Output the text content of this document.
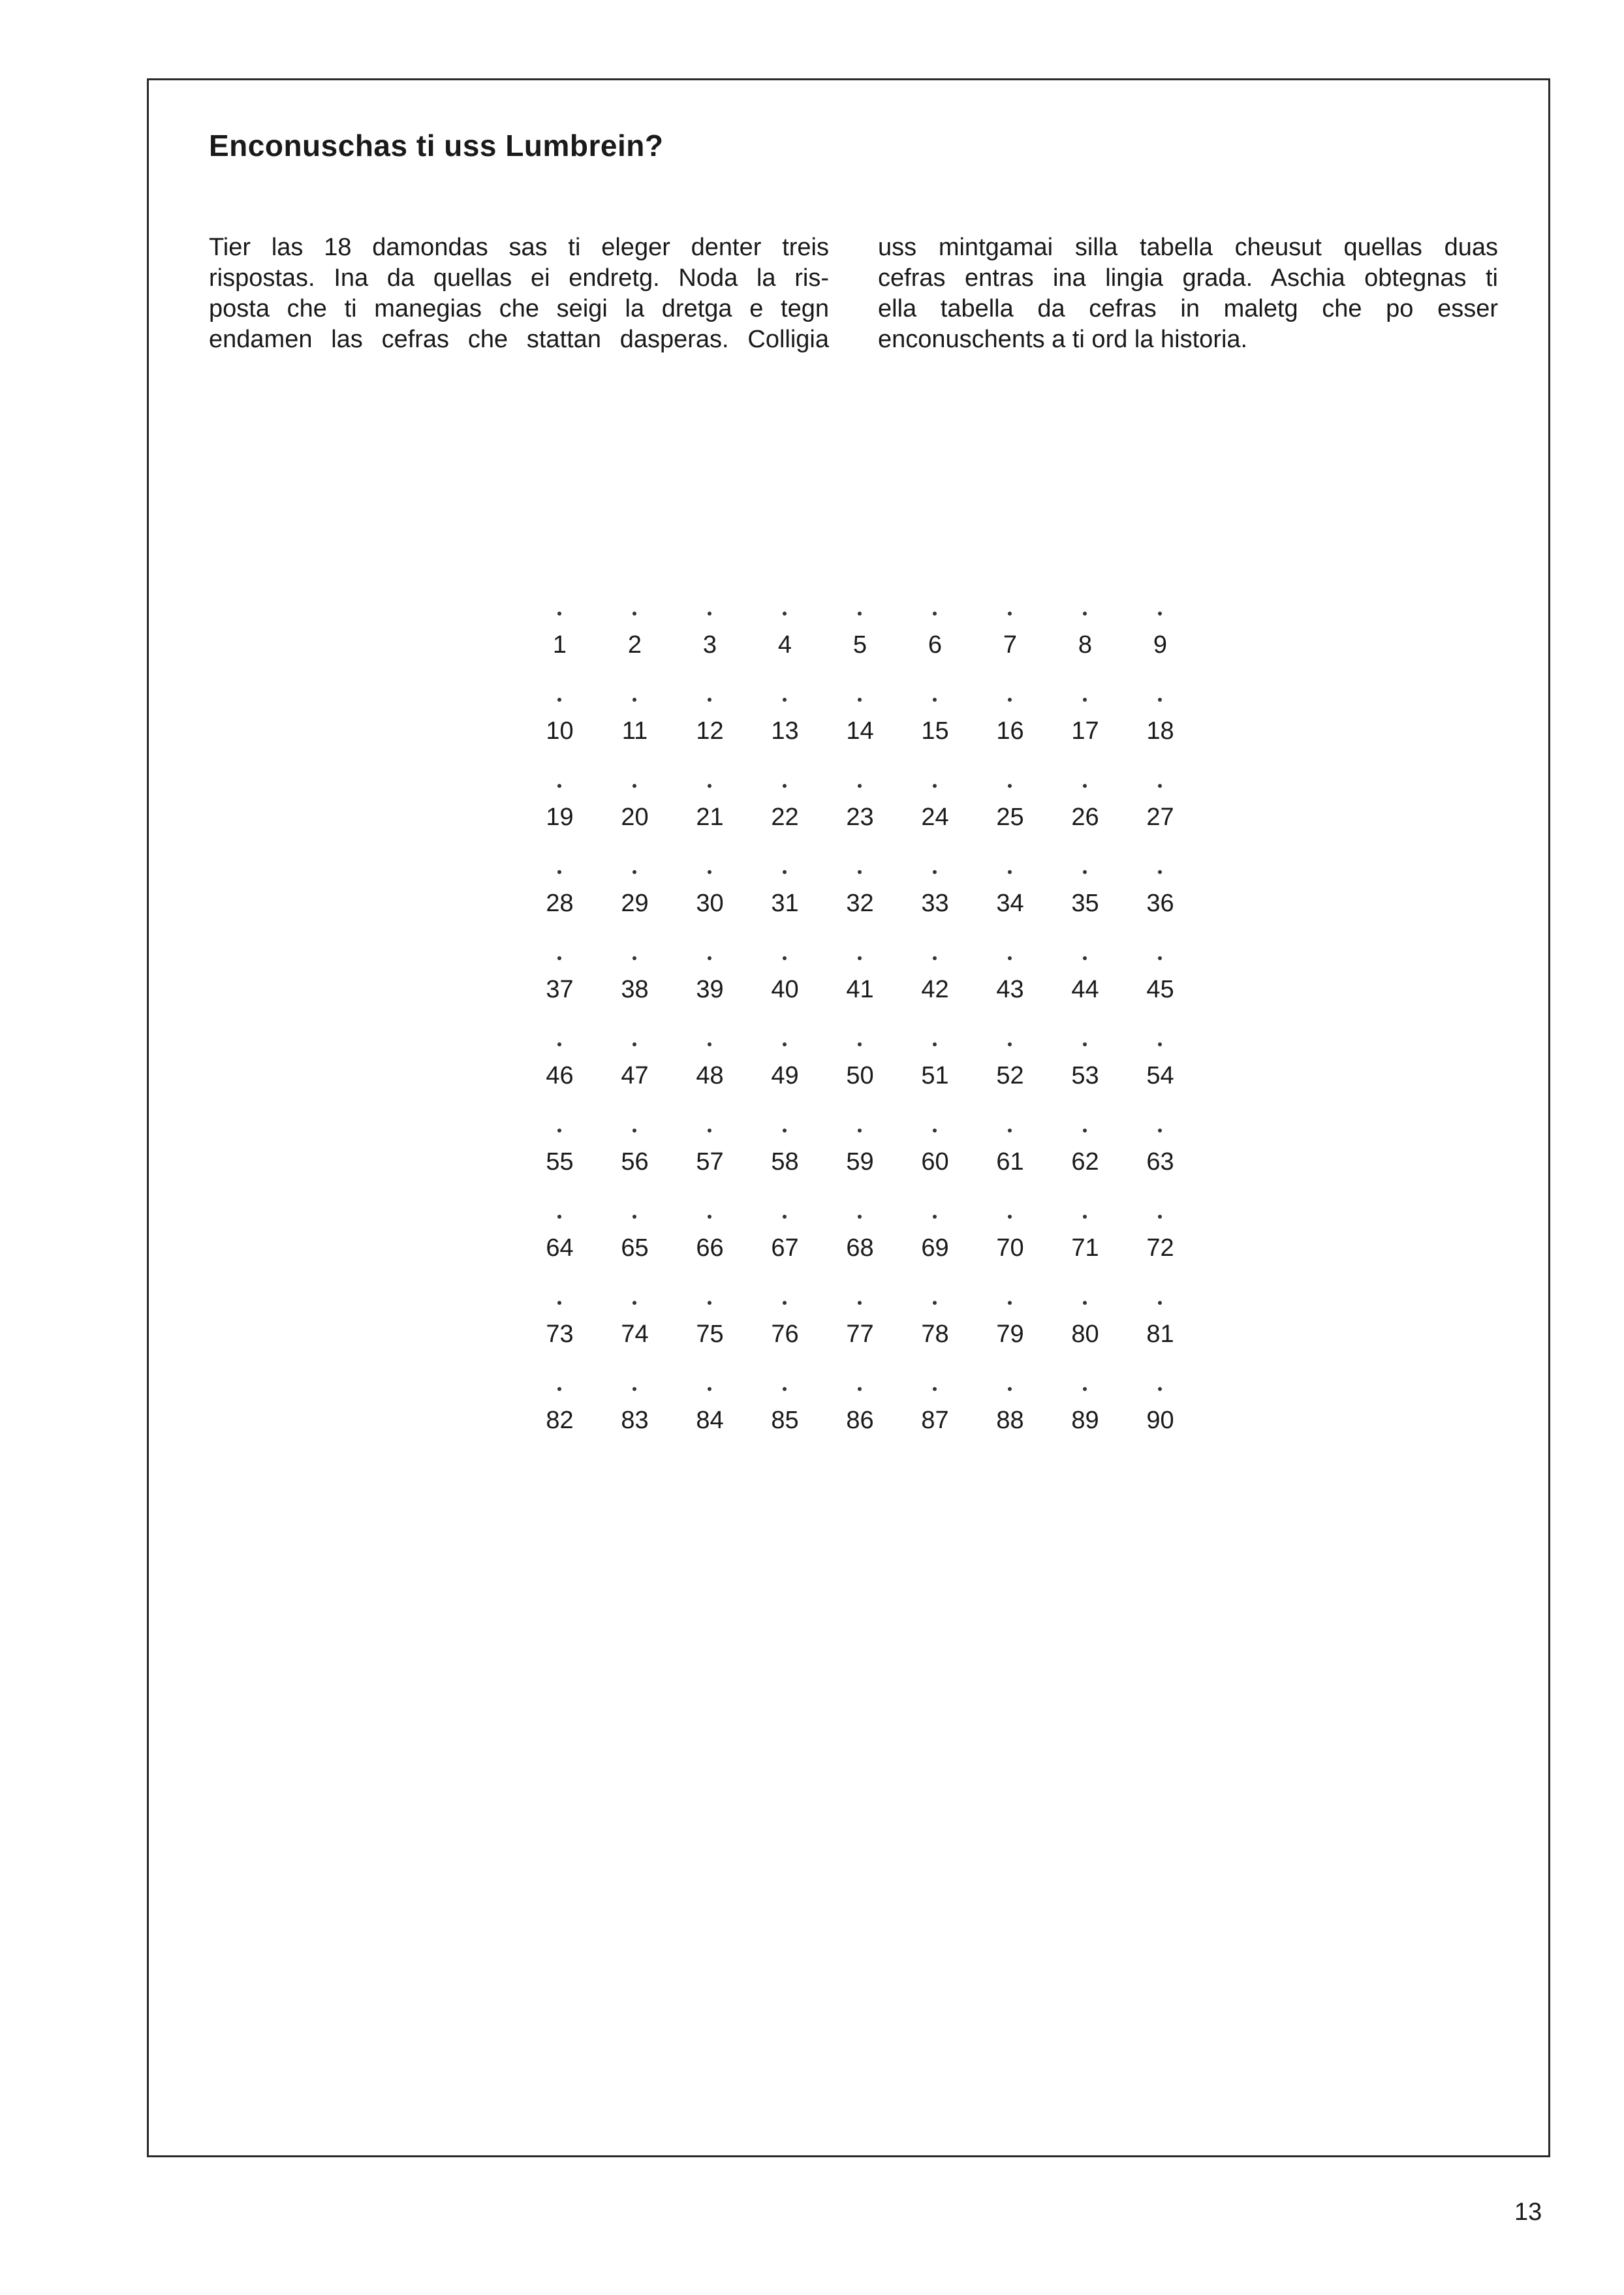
Enconuschas ti uss Lumbrein?

Tier las 18 damondas sas ti eleger denter treis
rispostas. Ina da quellas ei endretg. Noda la ris-
posta che ti manegias che seigi la dretga e tegn
endamen las cefras che stattan dasperas. Colligia

uss mintgamai silla tabella cheusut quellas duas
cefras entras ina lingia grada. Aschia obtegnas ti
ella tabella da cefras in maletg che po esser
enconuschents a ti ord la historia.

1	2	3	4	5	6	7	8	9
10	11	12	13	14	15	16	17	18
19	20	21	22	23	24	25	26	27
28	29	30	31	32	33	34	35	36
37	38	39	40	41	42	43	44	45
46	47	48	49	50	51	52	53	54
55	56	57	58	59	60	61	62	63
64	65	66	67	68	69	70	71	72
73	74	75	76	77	78	79	80	81
82	83	84	85	86	87	88	89	90
13
